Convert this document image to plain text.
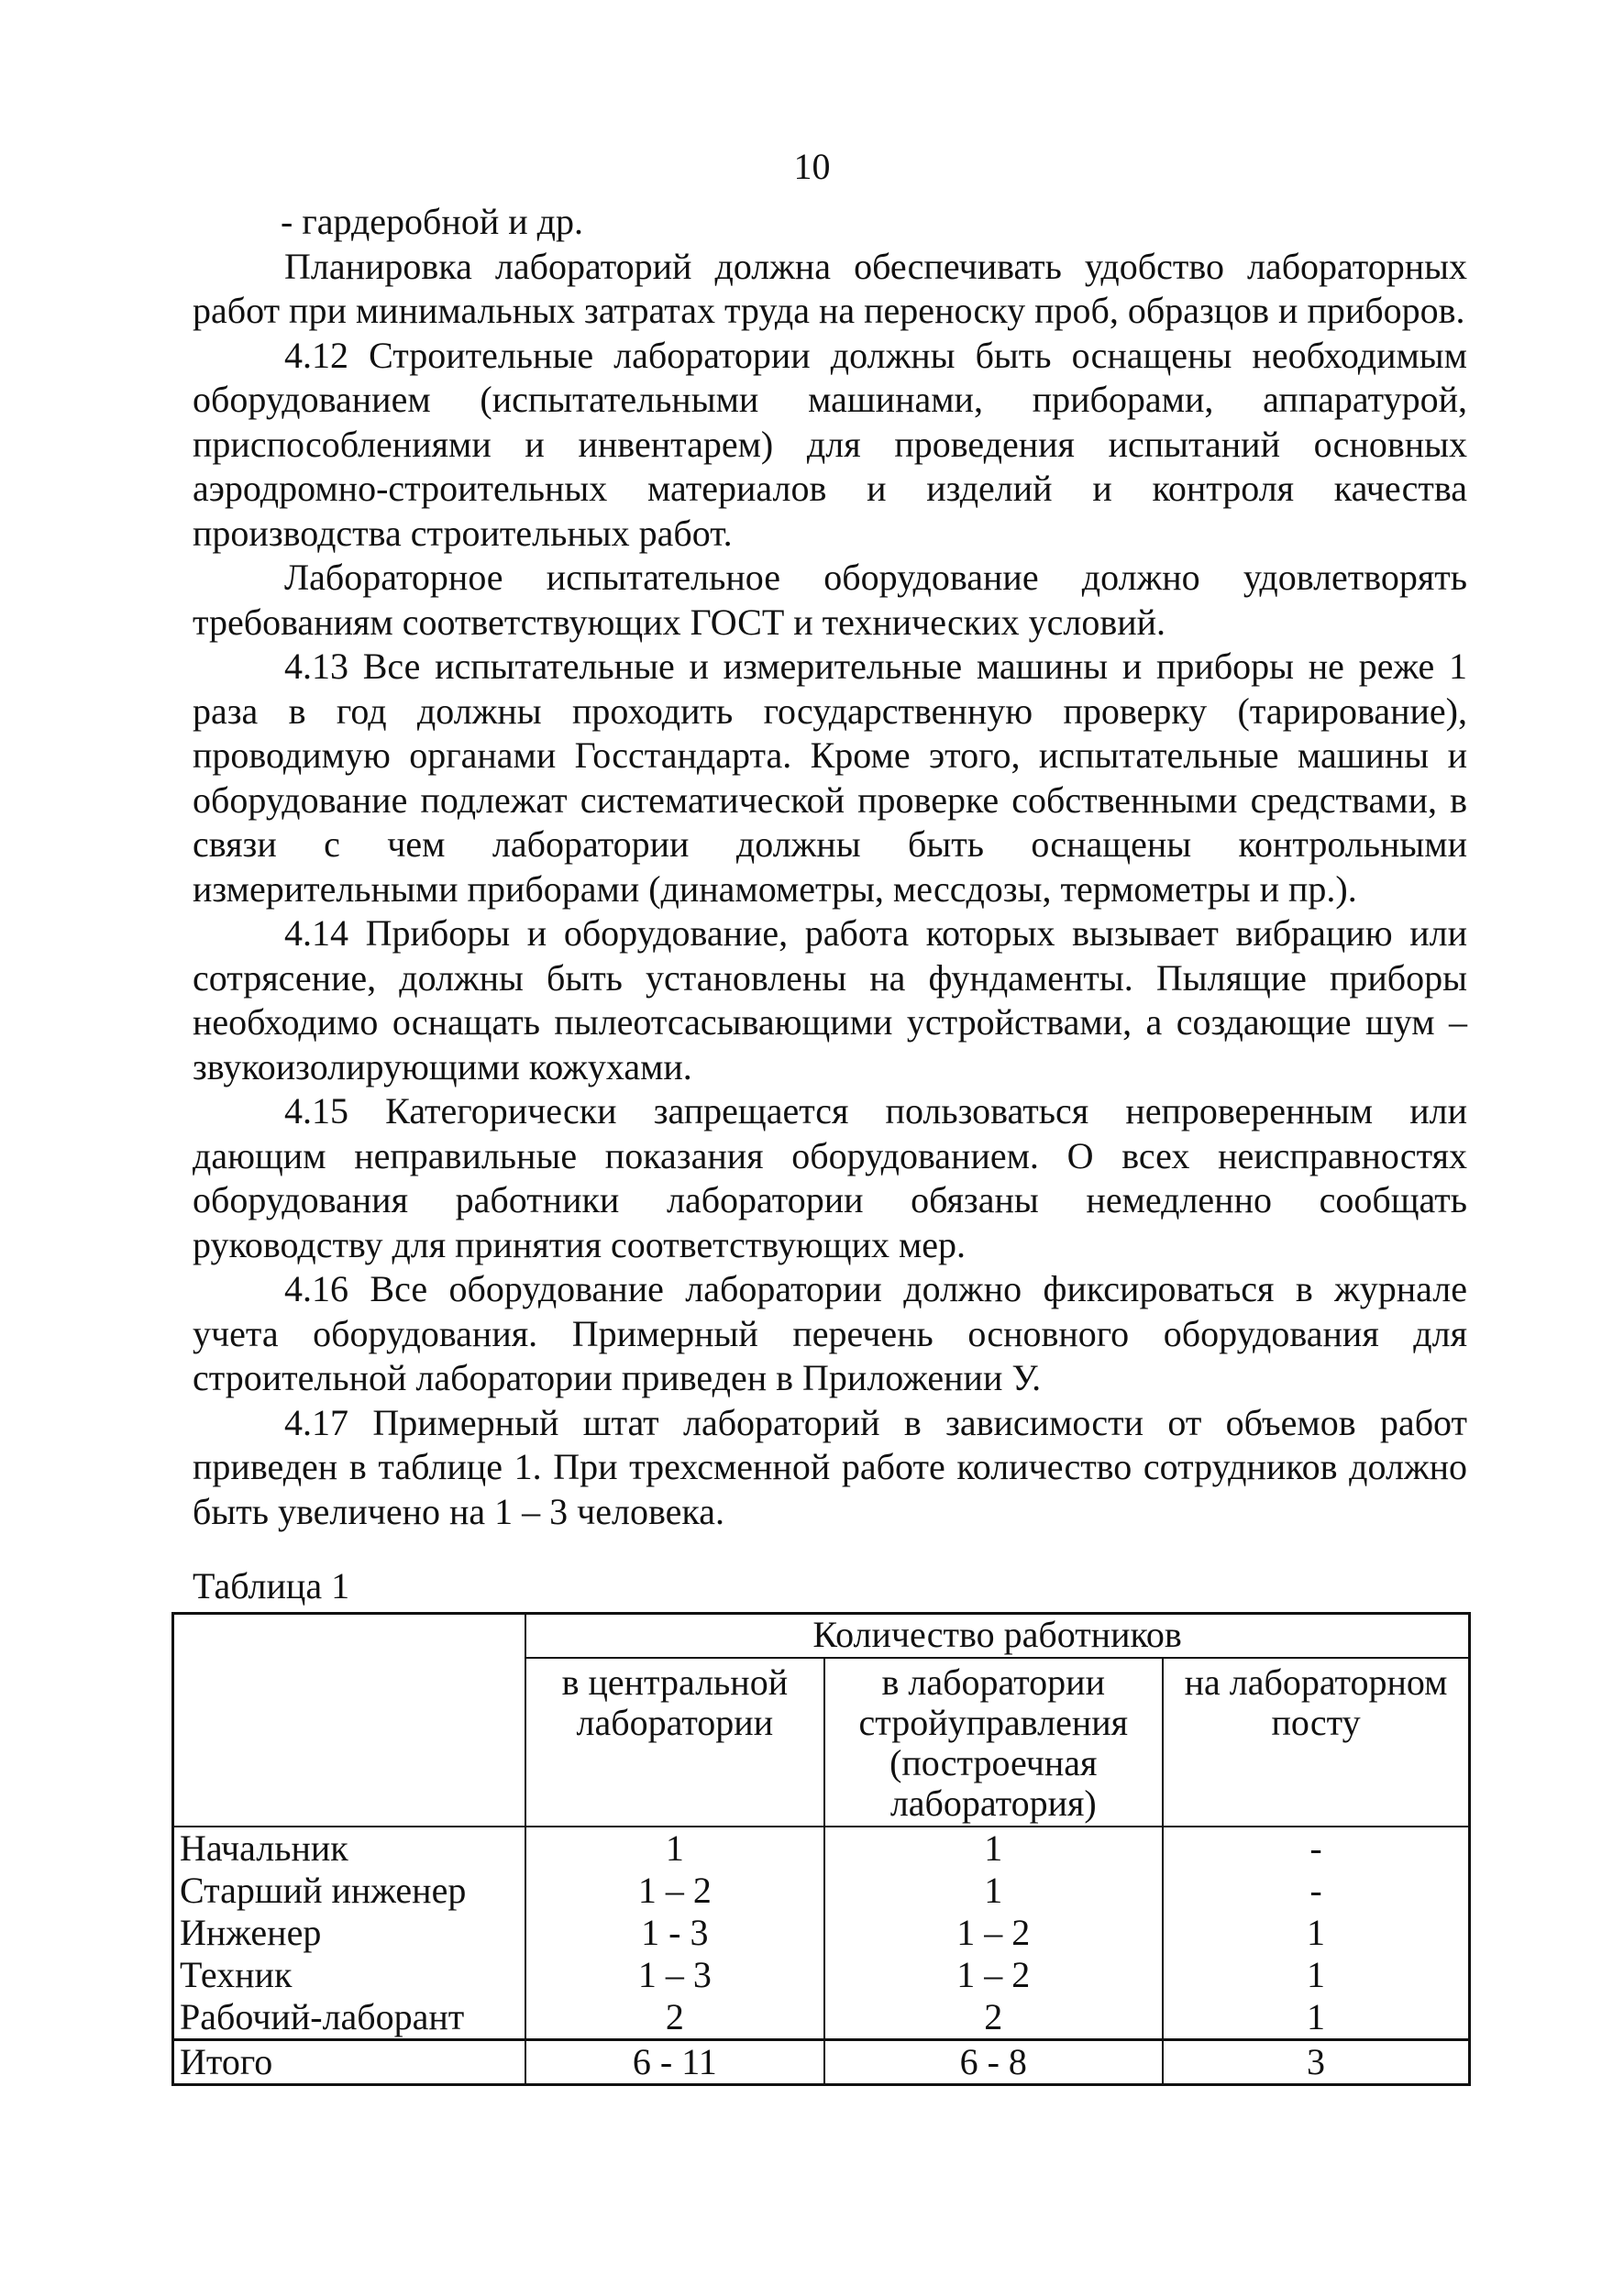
10

- гардеробной и др.

Планировка лабораторий должна обеспечивать удобство лабораторных работ при минимальных затратах труда на переноску проб, образцов и приборов.

4.12 Строительные лаборатории должны быть оснащены необходимым оборудованием (испытательными машинами, приборами, аппаратурой, приспособлениями и инвентарем) для проведения испытаний основных аэродромно-строительных материалов и изделий и контроля качества производства строительных работ.

Лабораторное испытательное оборудование должно удовлетворять требованиям соответствующих ГОСТ и технических условий.

4.13 Все испытательные и измерительные машины и приборы не реже 1 раза в год должны проходить государственную проверку (тарирование), проводимую органами Госстандарта. Кроме этого, испытательные машины и оборудование подлежат систематической проверке собственными средствами, в связи с чем лаборатории должны быть оснащены контрольными измерительными приборами (динамометры, мессдозы, термометры и пр.).

4.14 Приборы и оборудование, работа которых вызывает вибрацию или сотрясение, должны быть установлены на фундаменты. Пылящие приборы необходимо оснащать пылеотсасывающими устройствами, а создающие шум – звукоизолирующими кожухами.

4.15 Категорически запрещается пользоваться непроверенным или дающим неправильные показания оборудованием. О всех неисправностях оборудования работники лаборатории обязаны немедленно сообщать руководству для принятия соответствующих мер.

4.16 Все оборудование лаборатории должно фиксироваться в журнале учета оборудования. Примерный перечень основного оборудования для строительной лаборатории приведен в Приложении У.

4.17 Примерный штат лабораторий в зависимости от объемов работ приведен в таблице 1. При трехсменной работе количество сотрудников должно быть увеличено на 1 – 3 человека.

Таблица 1
	Количество работников		
	в центральной лаборатории	в лаборатории стройуправления (построечная лаборатория)	на лабораторном посту
Начальник	1	1	-
Старший инженер	1 – 2	1	-
Инженер	1 - 3	1 – 2	1
Техник	1 – 3	1 – 2	1
Рабочий-лаборант	2	2	1
Итого	6 - 11	6 - 8	3
